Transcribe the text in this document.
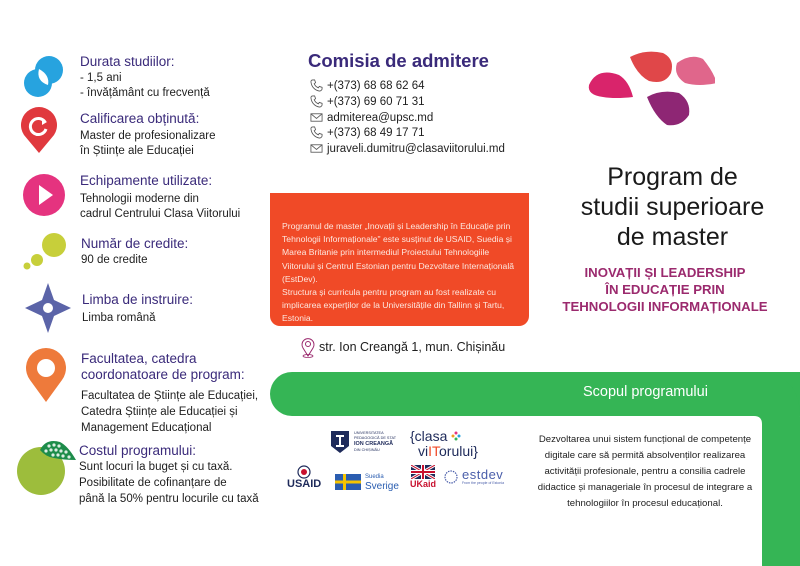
Durata studiilor:
- 1,5 ani
- învățământ cu frecvență
Calificarea obținută:
Master de profesionalizare
în Științe ale Educației
Echipamente utilizate:
Tehnologii moderne din
cadrul Centrului Clasa Viitorului
Număr de credite:
90 de credite
Limba de instruire:
Limba română
Facultatea, catedra
coordonatoare de program:
Facultatea de Științe ale Educației,
Catedra Științe ale Educației și
Management Educațional
Costul programului:
Sunt locuri la buget și cu taxă.
Posibilitate de cofinanțare de
până la 50% pentru locurile cu taxă
Comisia de admitere
+(373) 68 68 62 64
+(373) 69 60 71 31
admiterea@upsc.md
+(373) 68 49 17 71
juraveli.dumitru@clasaviitorului.md

Programul de master „Inovații și Leadership în Educație prin Tehnologii Informaționale" este susținut de USAID, Suedia și Marea Britanie prin intermediul Proiectului Tehnologiile Viitorului și Centrul Estonian pentru Dezvoltare Internațională (EstDev).

Structura și curricula pentru program au fost realizate cu implicarea experților de la Universitățile din Tallinn și Tartu, Estonia.

Program de
studii superioare
de master
INOVAȚII ȘI LEADERSHIP
ÎN EDUCAȚIE PRIN
TEHNOLOGII INFORMAȚIONALE
str. Ion Creangă 1, mun. Chișinău
Scopul programului
Dezvoltarea unui sistem funcțional de competențe digitale care să permită absolvenților realizarea activității profesionale, pentru a consilia cadrele didactice și manageriale în procesul de integrare a tehnologiilor în procesul educațional.
UNIVERSITATEA
PEDAGOGICĂ DE STAT
ION CREANGĂ
DIN CHIȘINĂU
{clasa
viITorului}
USAID
Suedia
Sverige UKaid
estdev
From the people of Estonia
